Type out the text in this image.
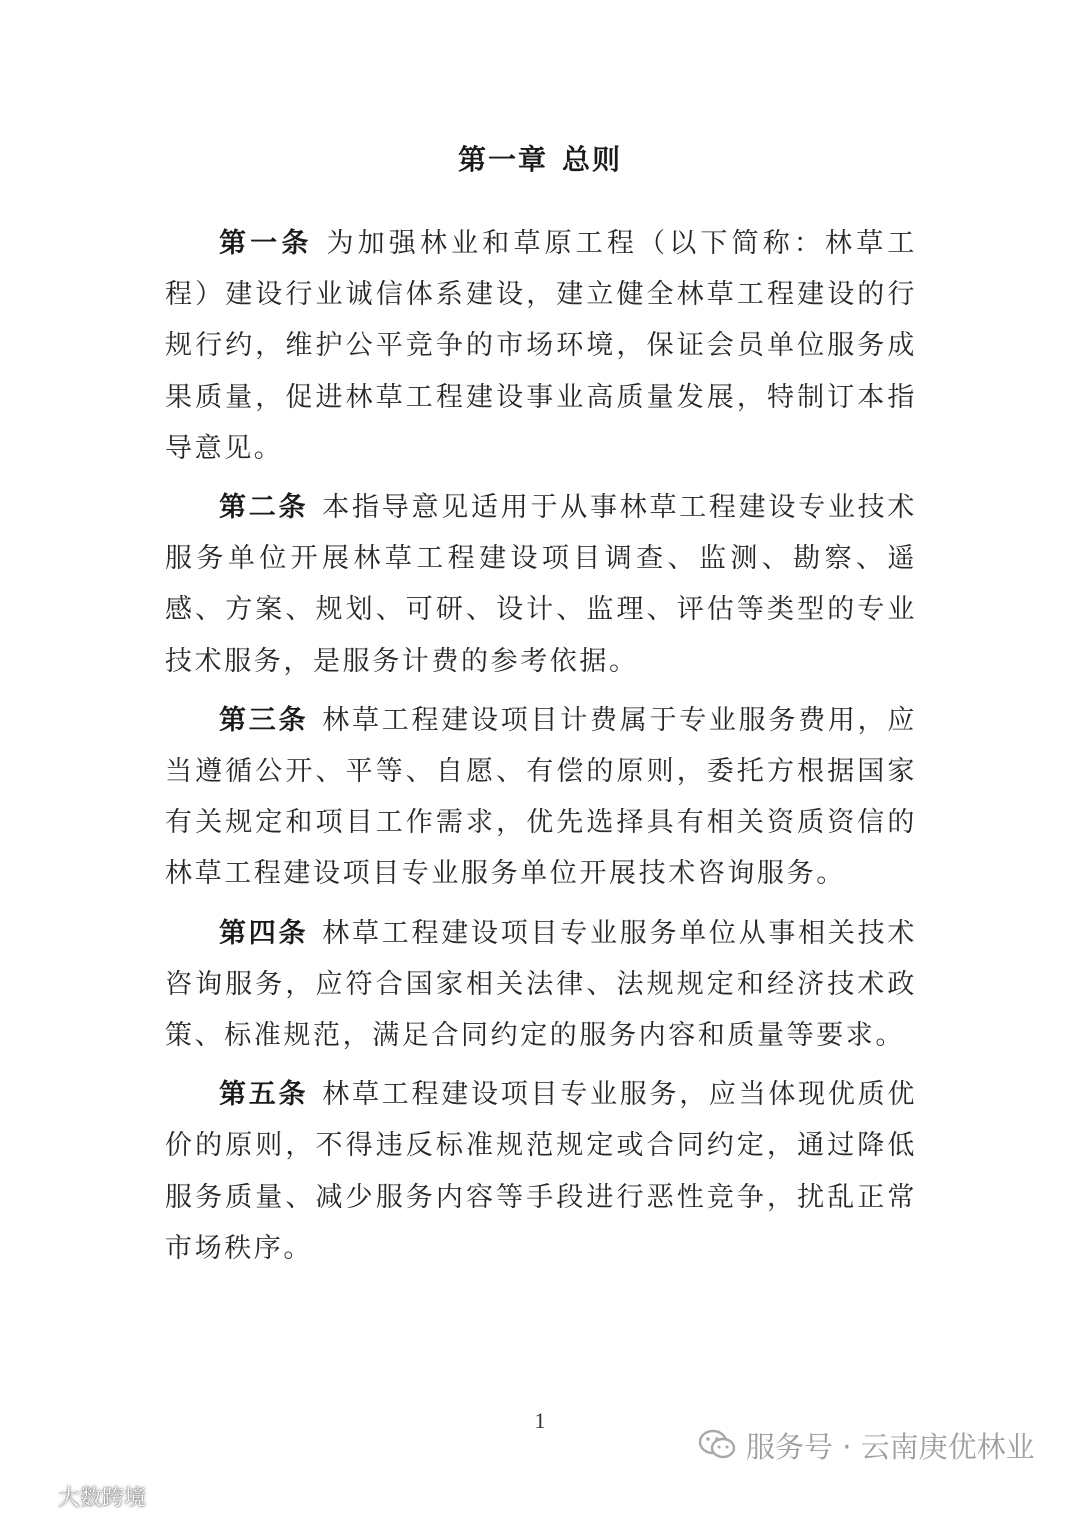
第一章 总则

第一条 为加强林业和草原工程（以下简称：林草工程）建设行业诚信体系建设，建立健全林草工程建设的行规行约，维护公平竞争的市场环境，保证会员单位服务成果质量，促进林草工程建设事业高质量发展，特制订本指导意见。

第二条 本指导意见适用于从事林草工程建设专业技术服务单位开展林草工程建设项目调查、监测、勘察、遥感、方案、规划、可研、设计、监理、评估等类型的专业技术服务，是服务计费的参考依据。

第三条 林草工程建设项目计费属于专业服务费用，应当遵循公开、平等、自愿、有偿的原则，委托方根据国家有关规定和项目工作需求，优先选择具有相关资质资信的林草工程建设项目专业服务单位开展技术咨询服务。

第四条 林草工程建设项目专业服务单位从事相关技术咨询服务，应符合国家相关法律、法规规定和经济技术政策、标准规范，满足合同约定的服务内容和质量等要求。

第五条 林草工程建设项目专业服务，应当体现优质优价的原则，不得违反标准规范规定或合同约定，通过降低服务质量、减少服务内容等手段进行恶性竞争，扰乱正常市场秩序。

1
服务号 · 云南庚优林业
大数跨境
